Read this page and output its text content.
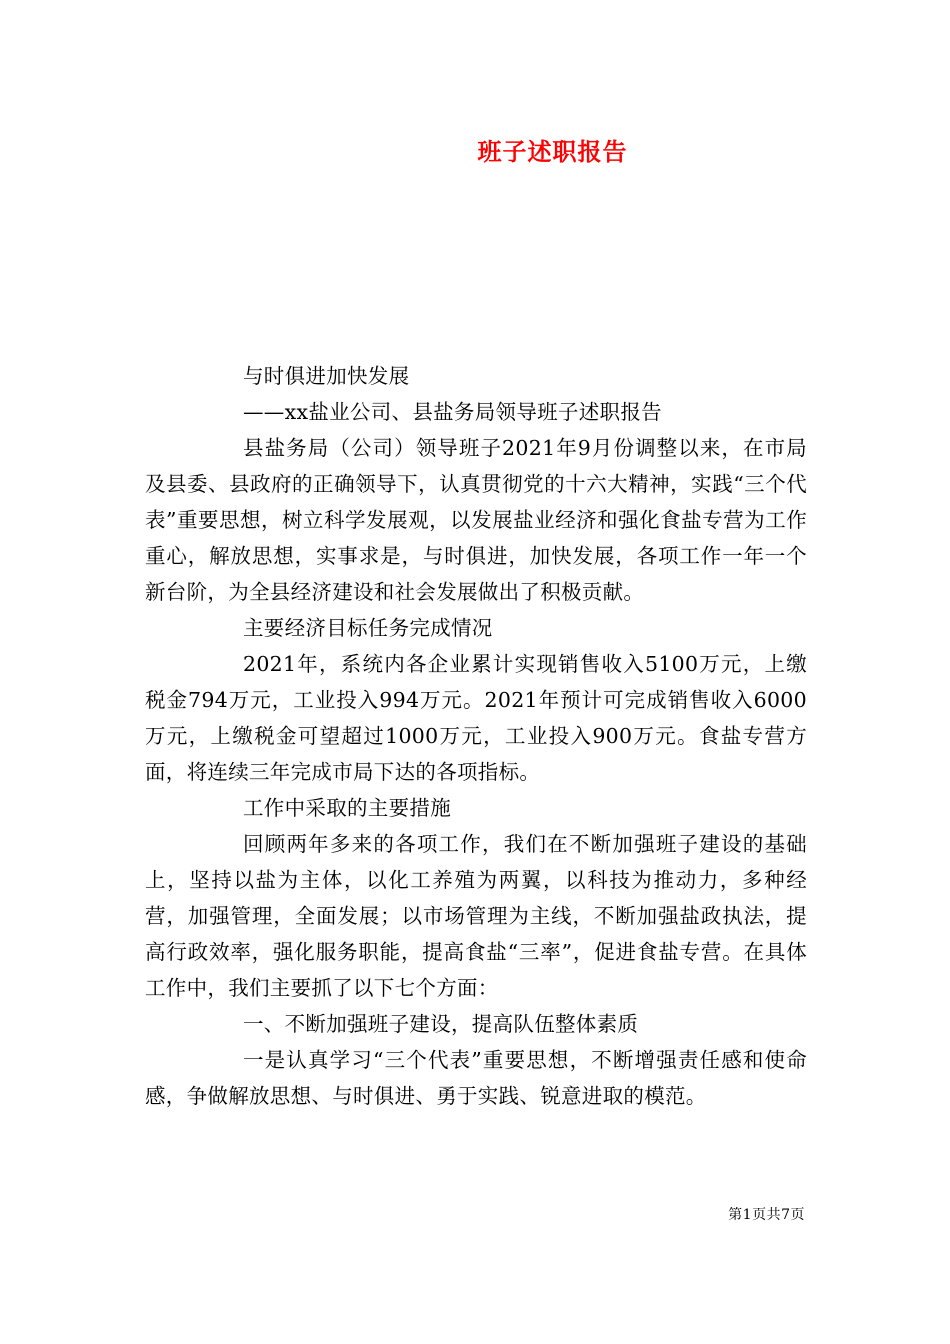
班子述职报告

与时俱进加快发展

——xx盐业公司、县盐务局领导班子述职报告

县盐务局（公司）领导班子2021年9月份调整以来，在市局及县委、县政府的正确领导下，认真贯彻党的十六大精神，实践“三个代表”重要思想，树立科学发展观，以发展盐业经济和强化食盐专营为工作重心，解放思想，实事求是，与时俱进，加快发展，各项工作一年一个新台阶，为全县经济建设和社会发展做出了积极贡献。

主要经济目标任务完成情况

2021年，系统内各企业累计实现销售收入5100万元，上缴税金794万元，工业投入994万元。2021年预计可完成销售收入6000万元，上缴税金可望超过1000万元，工业投入900万元。食盐专营方面，将连续三年完成市局下达的各项指标。

工作中采取的主要措施

回顾两年多来的各项工作，我们在不断加强班子建设的基础上，坚持以盐为主体，以化工养殖为两翼，以科技为推动力，多种经营，加强管理，全面发展；以市场管理为主线，不断加强盐政执法，提高行政效率，强化服务职能，提高食盐“三率”，促进食盐专营。在具体工作中，我们主要抓了以下七个方面：

一、不断加强班子建设，提高队伍整体素质

一是认真学习“三个代表”重要思想，不断增强责任感和使命感，争做解放思想、与时俱进、勇于实践、锐意进取的模范。

第1页共7页
